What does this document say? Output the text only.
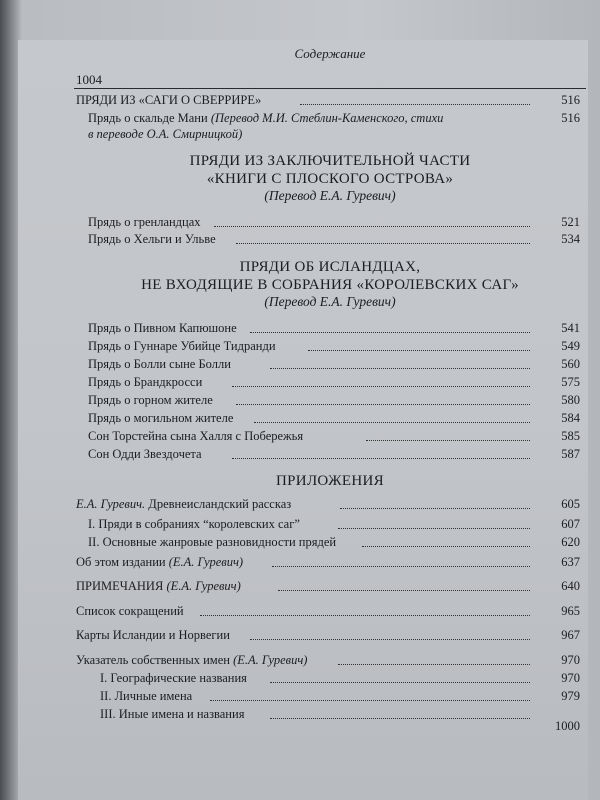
Содержание
1004
ПРЯДИ ИЗ «САГИ О СВЕРРИРЕ»	516
Прядь о скальде Мани (Перевод М.И. Стеблин-Каменского, стихи	516
в переводе О.А. Смирницкой)
ПРЯДИ ИЗ ЗАКЛЮЧИТЕЛЬНОЙ ЧАСТИ
«КНИГИ С ПЛОСКОГО ОСТРОВА»
(Перевод Е.А. Гуревич)
Прядь о гренландцах	521
Прядь о Хельги и Ульве	534
ПРЯДИ ОБ ИСЛАНДЦАХ,
НЕ ВХОДЯЩИЕ В СОБРАНИЯ «КОРОЛЕВСКИХ САГ»
(Перевод Е.А. Гуревич)
Прядь о Пивном Капюшоне	541
Прядь о Гуннаре Убийце Тидранди	549
Прядь о Болли сыне Болли	560
Прядь о Брандкросси	575
Прядь о горном жителе	580
Прядь о могильном жителе	584
Сон Торстейна сына Халля с Побережья	585
Сон Одди Звездочета	587
ПРИЛОЖЕНИЯ
Е.А. Гуревич. Древнеисландский рассказ	605
I. Пряди в собраниях “королевских саг”	607
II. Основные жанровые разновидности прядей	620
Об этом издании (Е.А. Гуревич)	637
ПРИМЕЧАНИЯ (Е.А. Гуревич)	640
Список сокращений	965
Карты Исландии и Норвегии	967
Указатель собственных имен (Е.А. Гуревич)	970
I. Географические названия	970
II. Личные имена	979
III. Иные имена и названия
1000
